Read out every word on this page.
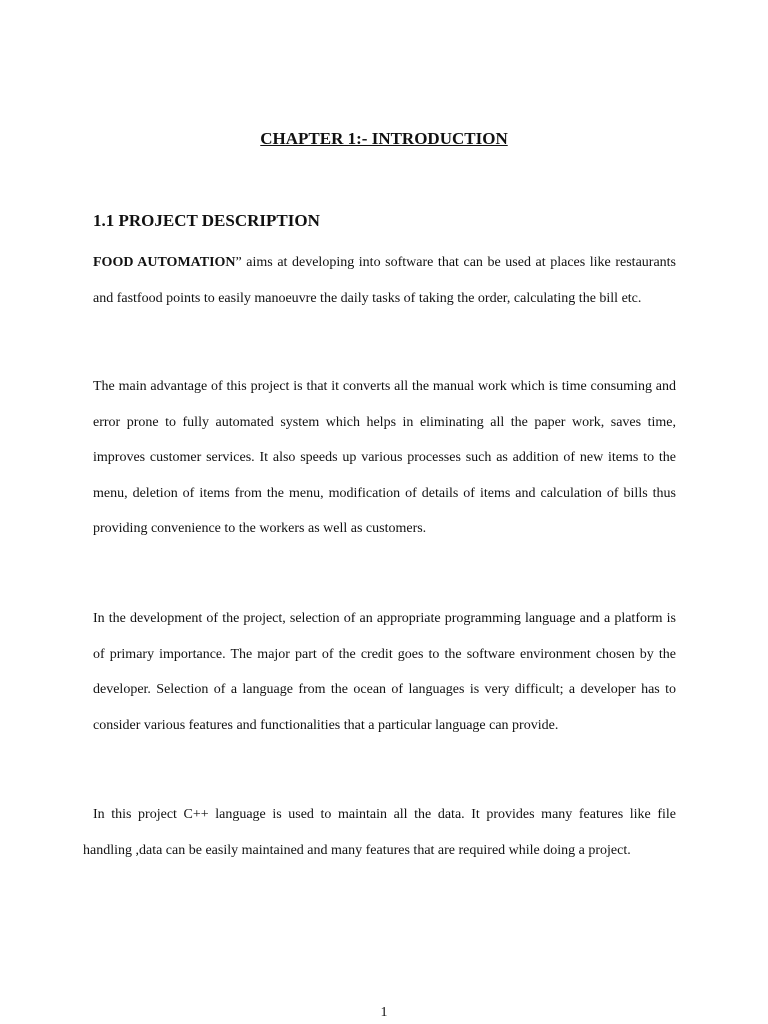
CHAPTER 1:- INTRODUCTION
1.1 PROJECT DESCRIPTION

FOOD AUTOMATION” aims at developing into software that can be used at places like restaurants and fastfood points to easily manoeuvre the daily tasks of taking the order, calculating the bill etc.

The main advantage of this project is that it converts all the manual work which is time consuming and error prone to fully automated system which helps in eliminating all the paper work, saves time, improves customer services. It also speeds up various processes such as addition of new items to the menu, deletion of items from the menu, modification of details of items and calculation of bills thus providing convenience to the workers as well as customers.

In the development of the project, selection of an appropriate programming language and a platform is of primary importance. The major part of the credit goes to the software environment chosen by the developer. Selection of a language from the ocean of languages is very difficult; a developer has to consider various features and functionalities that a particular language can provide.

In this project C++ language is used to maintain all the data. It provides many features like file handling ,data can be easily maintained and many features that are required while doing a project.

1
